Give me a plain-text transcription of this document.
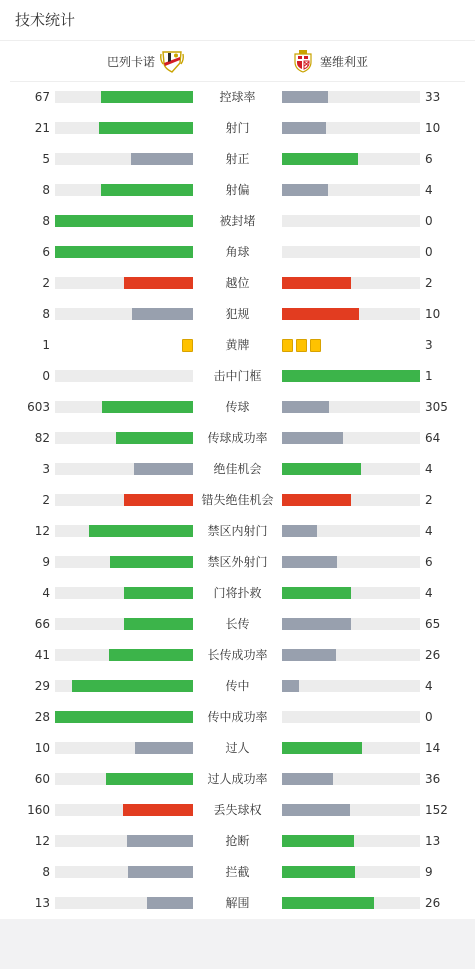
技术统计
巴列卡诺	塞维利亚
67	控球率	33
21	射门	10
5	射正	6
8	射偏	4
8	被封堵	0
6	角球	0
2	越位	2
8	犯规	10
1	黄牌	3
0	击中门框	1
603	传球	305
82	传球成功率	64
3	绝佳机会	4
2	错失绝佳机会	2
12	禁区内射门	4
9	禁区外射门	6
4	门将扑救	4
66	长传	65
41	长传成功率	26
29	传中	4
28	传中成功率	0
10	过人	14
60	过人成功率	36
160	丢失球权	152
12	抢断	13
8	拦截	9
13	解围	26
